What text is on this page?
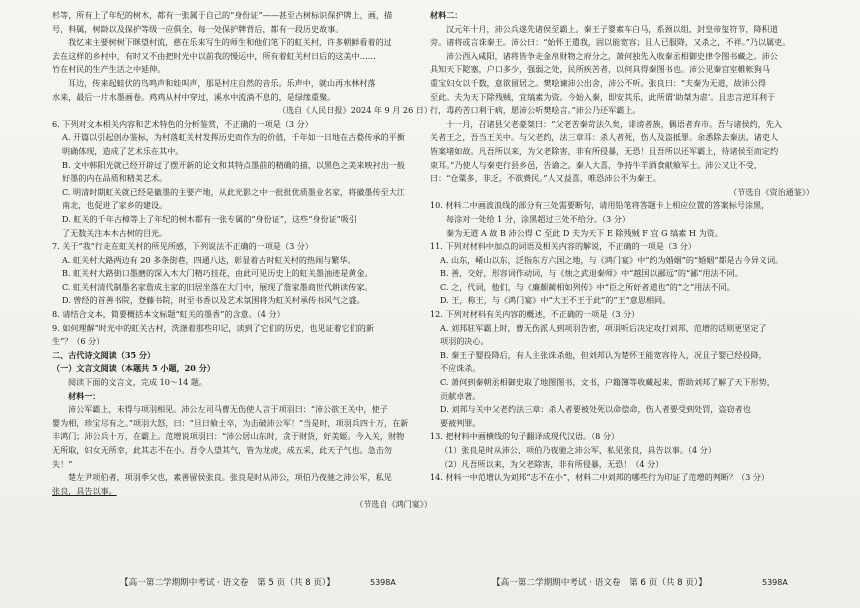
杉等，所有上了年纪的树木，都有一张属于自己的“身份证”——甚至古树标识保护牌上，画，描

号，科属，树龄以及保护等级一应俱全，每一处保护牌背后，都有一段历史故事。

我忆来主要树树下眯望村流，慈在乐来写生的师生和他们笔下的虹关村，许多朝鲜看着的过

去在这样的乡村中，有时又不由把时光中以前我的慢运中，所有着虹关村日后的这美中……

竹在村民的生产生活之中延伸。

耳边，传来起蛙伏的鸟鸣声和娃叫声，那是村庄自然的音乐。乐声中，就山再水林村落

水来，最后一片水墨画卷。鸡鸡从村中穿过，溪水中流淌不息的，是绿缘重聚。

（选自《人民日报》2024 年 9 月 26 日）

6. 下列对文本相关内容和艺术特色的分析鉴赏，不正确的一项是（3 分）

A. 开篇以引起创办鉴标，为村落虹关村发挥历史而作为的价值，千年如一日地在古婺传承的平衡

明确体现，造成了艺术乐在其中。

B. 文中韩阳光就已经开辟过了摆开新的论文和其特点墨前的精确的描，以黑色之美来映衬出一般

好墨的内在品质和精美艺术。

C. 明清时期虹关就已经是徽墨的主要产地，从此光影之中一批批优质墨业名家，将徽墨传至大江

南北，也促进了家乡的建设。

D. 虹关的千年古樟等上了年纪的树木都有一张专属的“身份证”，这些“身份证”吸引

了无数关注本木古树的目光。

7. 关于“我”行走在虹关村的所见所感，下列说法不正确的一项是（3 分）

A. 虹关村大路两边有 20 多条街巷，四通八达，彰显着古时虹关村的热闹与繁华。

B. 虹关村大路街口墨磨的深入木大门精巧挂花，由此可见历史上的虹关墨油迹是黄金。

C. 虹关村清代制墨名家詹成主家的旧居坐落在大门中，展现了詹家墨商世代耕读传家。

D. 曾经的首善书院，登藤书院，时至书香以及艺术氛围将为虹关村承传书风气之盛。

8. 请结合文本，简要概括本文标题“虹关的墨香”的含意。（4 分）

9. 如何理解“时光中的虹关古村，洗涤着那些印记，读到了它们的历史，也见证着它们的新

生”？（6 分）

二、古代诗文阅读（35 分）

（一）文言文阅读（本题共 5 小题，20 分）

阅读下面的文言文，完成 10～14 题。

材料一：

沛公军霸上，未得与项羽相见。沛公左司马曹无伤使人言于项羽曰：“沛公欲王关中，使子

婴为相，珍宝尽有之。”项羽大怒，曰：“旦日飨士卒，为击破沛公军！”当是时，项羽兵四十万，在新

丰鸿门；沛公兵十万，在霸上。范增说项羽曰：“沛公居山东时，贪于财货，好美姬。今入关，财物

无所取，妇女无所幸，此其志不在小。吾令人望其气，皆为龙虎，成五采，此天子气也。急击勿

失！”

楚左尹项伯者，项羽季父也，素善留侯张良。张良是时从沛公，项伯乃夜驰之沛公军，私见

张良，具告以事。

（节选自《鸿门宴》）

材料二：

汉元年十月，沛公兵遂先诸侯至霸上。秦王子婴素车白马，系颈以组，封皇帝玺符节，降积道

旁。诸将或言诛秦王。沛公曰：“始怀王遣我，固以能宽容；且人已服降，又杀之，不祥。”乃以属吏。

沛公西入咸阳，诸将皆争走金帛财物之府分之，萧何独先入收秦丞相御史律令图书藏之。沛公

具知天下阸塞，户口多少，强弱之处，民所疾苦者，以何具得秦图书也。沛公见秦宫室帷帐狗马

重宝妇女以千数，意欲留居之。樊哙谏沛公出舍，沛公不听。张良曰：“夫秦为无道，故沛公得

至此。夫为天下除残贼，宜缟素为资。今始入秦，即安其乐，此所谓‘助桀为虐’。且忠言逆耳利于

行，毒药苦口利于病，愿沛公听樊哙言。”沛公乃还军霸上。

十一月，召诸县父老豪桀曰：“父老苦秦苛法久矣，诽谤者族，偶语者弃市。吾与诸侯约，先入

关者王之，吾当王关中。与父老约，法三章耳：杀人者死，伤人及盗抵罪。余悉除去秦法。诸吏人

皆案堵如故。凡吾所以来，为父老除害，非有所侵暴，无恐！且吾所以还军霸上，待诸侯至而定约

束耳。”乃使人与秦吏行县乡邑，告谕之。秦人大喜，争持牛羊酒食献飨军士。沛公又让不受，

曰：“仓粟多，非乏，不欲费民。”人又益喜，唯恐沛公不为秦王。

（节选自《资治通鉴》）

10. 材料二中画波浪线的部分有三处需要断句，请用铅笔将答题卡上相应位置的答案标号涂黑，

每涂对一处给 1 分，涂黑超过三处不给分。（3 分）

秦为无道 A 故 B 沛公得 C 至此 D 夫为天下 E 除残贼 F 宜 G 缟素 H 为资。

11. 下列对材料中加点的词语及相关内容的解说，不正确的一项是（3 分）

A. 山东，崤山以东，泛指东方六国之地，与《鸿门宴》中“约为婚姻”的“婚姻”都是古今异义词。

B. 善，交好，形容词作动词，与《烛之武退秦师》中“越国以鄙远”的“鄙”用法不同。

C. 之，代词，他们，与《廉颇蔺相如列传》中“臣之所好者道也”的“之”用法不同。

D. 王，称王，与《鸿门宴》中“大王不王于此”的“王”意思相同。

12. 下列对材料有关内容的概述，不正确的一项是（3 分）

A. 刘邦驻军霸上时，曹无伤派人到项羽告密，项羽听后决定攻打刘邦，范增的话则更坚定了

项羽的决心。

B. 秦王子婴投降后，有人主张诛杀他，但刘邦认为楚怀王能宽容待人，况且子婴已经投降，

不应诛杀。

C. 萧何到秦朝丞相御史取了地图图书，文书，户籍簿等收藏起来，帮助刘邦了解了天下形势，

贡献卓著。

D. 刘邦与关中父老约法三章：杀人者要被处死以命偿命，伤人者要受到处罚，盗窃者也

要被判罪。

13. 把材料中画横线的句子翻译成现代汉语。（8 分）

（1）张良是时从沛公，项伯乃夜驰之沛公军，私见张良，具告以事。（4 分）

（2）凡吾所以来，为父老除害，非有所侵暴，无恐！（4 分）

14. 材料一中范增认为刘邦“志不在小”，材料二中刘邦的哪些行为印证了范增的判断？（3 分）

【高一第二学期期中考试 · 语文卷　第 5 页（共 8 页）】	5398A	【高一第二学期期中考试 · 语文卷　第 6 页（共 8 页）】	5398A
